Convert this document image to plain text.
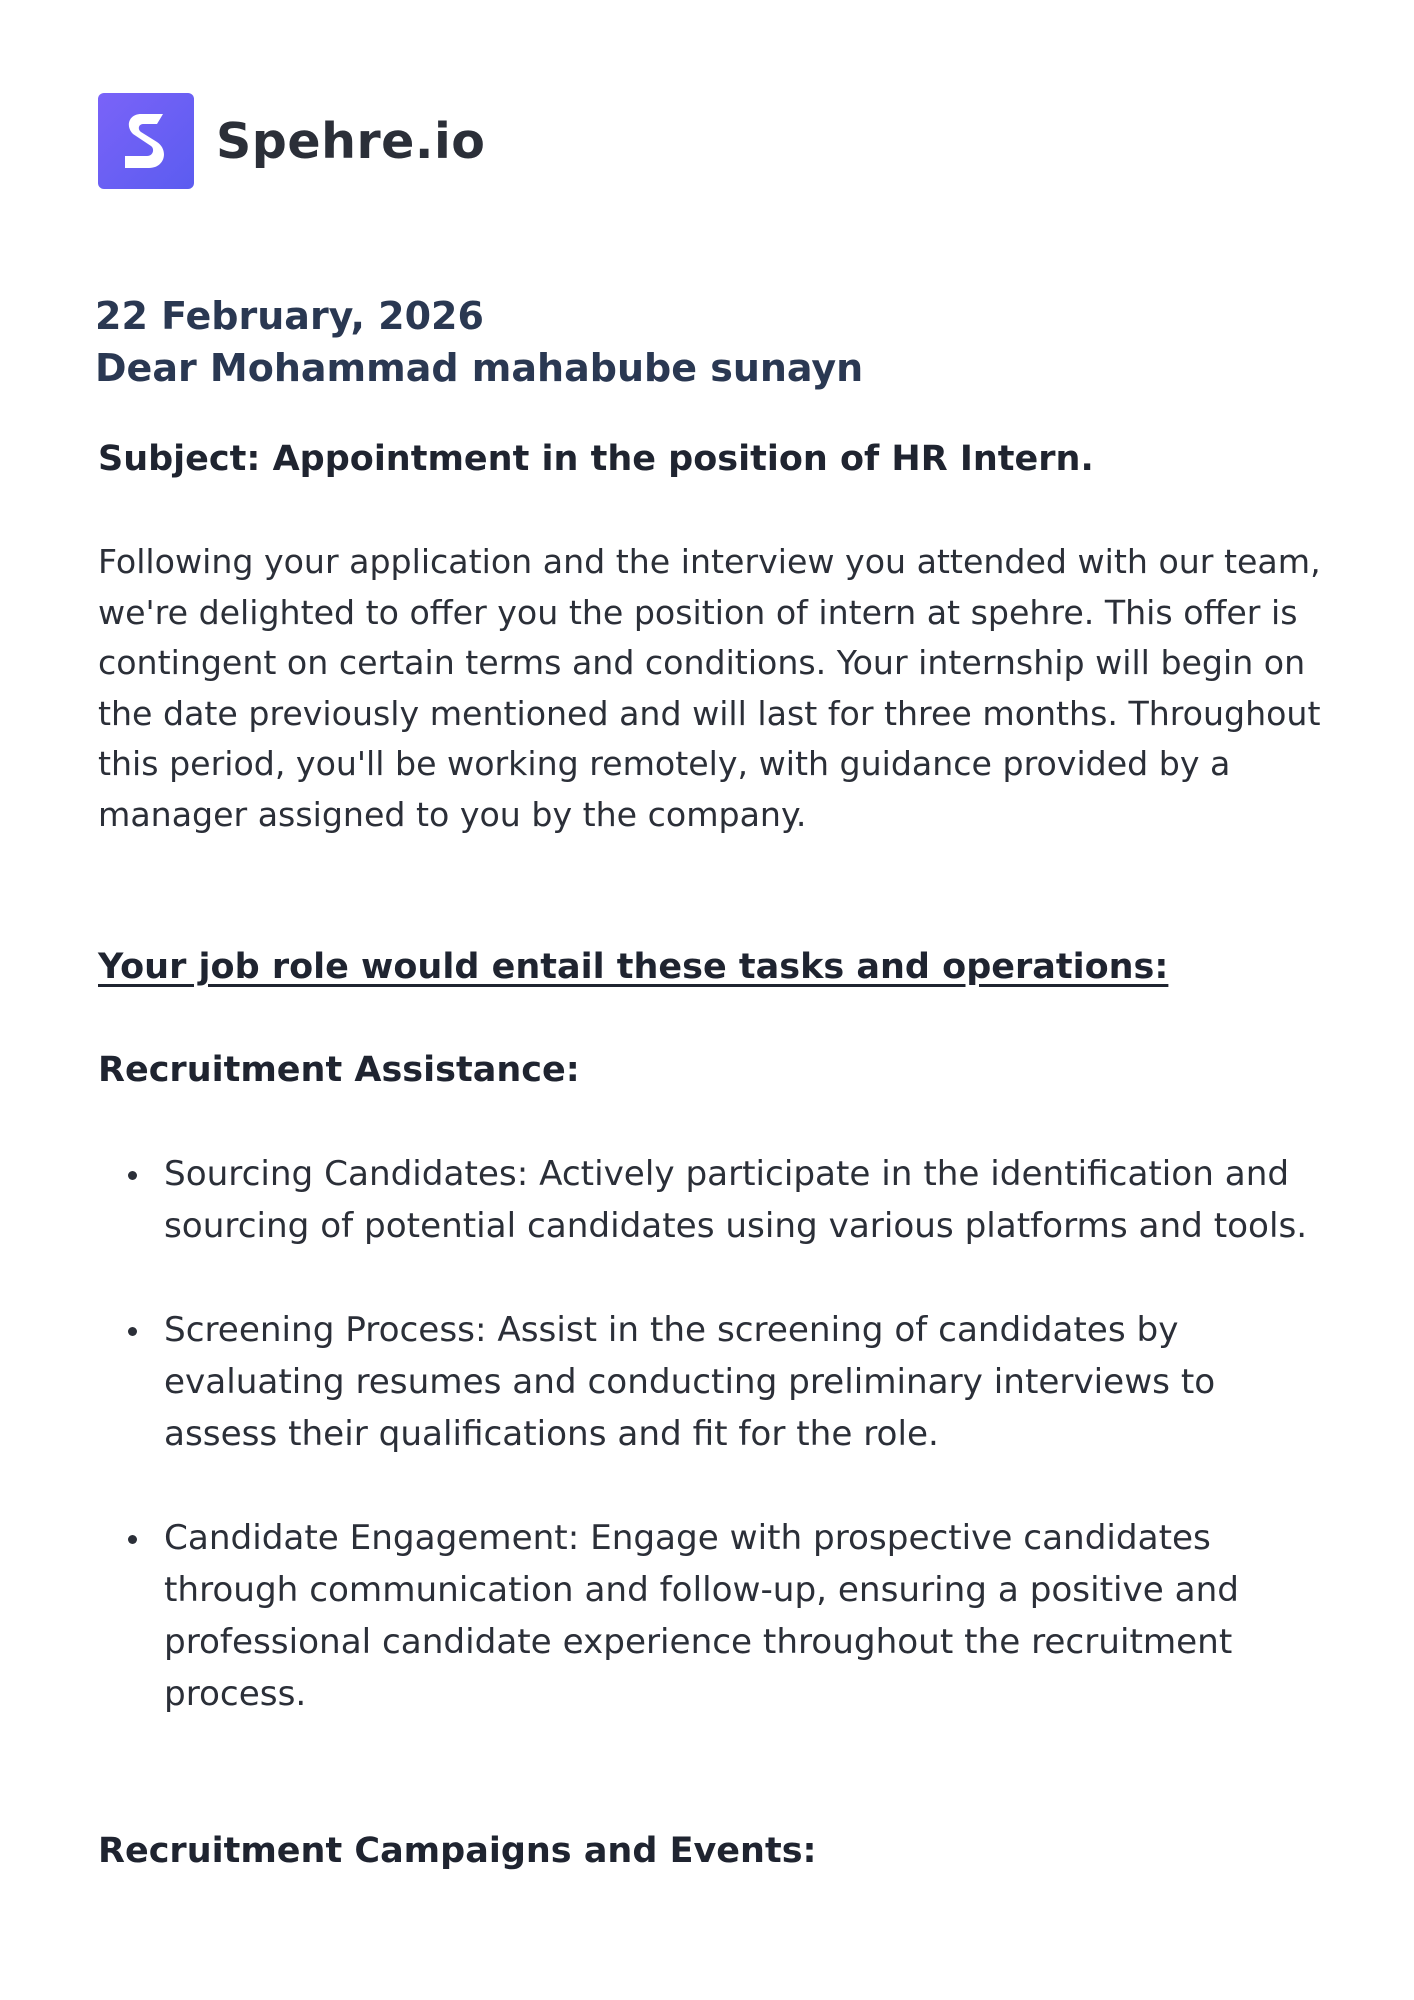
Spehre.io
22 February, 2026
Dear Mohammad mahabube sunayn
Subject: Appointment in the position of HR Intern.
Following your application and the interview you attended with our team, we're delighted to offer you the position of intern at spehre. This offer is contingent on certain terms and conditions. Your internship will begin on the date previously mentioned and will last for three months. Throughout this period, you'll be working remotely, with guidance provided by a manager assigned to you by the company.
Your job role would entail these tasks and operations:
Recruitment Assistance:
Sourcing Candidates: Actively participate in the identification and sourcing of potential candidates using various platforms and tools.
Screening Process: Assist in the screening of candidates by evaluating resumes and conducting preliminary interviews to assess their qualifications and fit for the role.
Candidate Engagement: Engage with prospective candidates through communication and follow-up, ensuring a positive and professional candidate experience throughout the recruitment process.
Recruitment Campaigns and Events:
